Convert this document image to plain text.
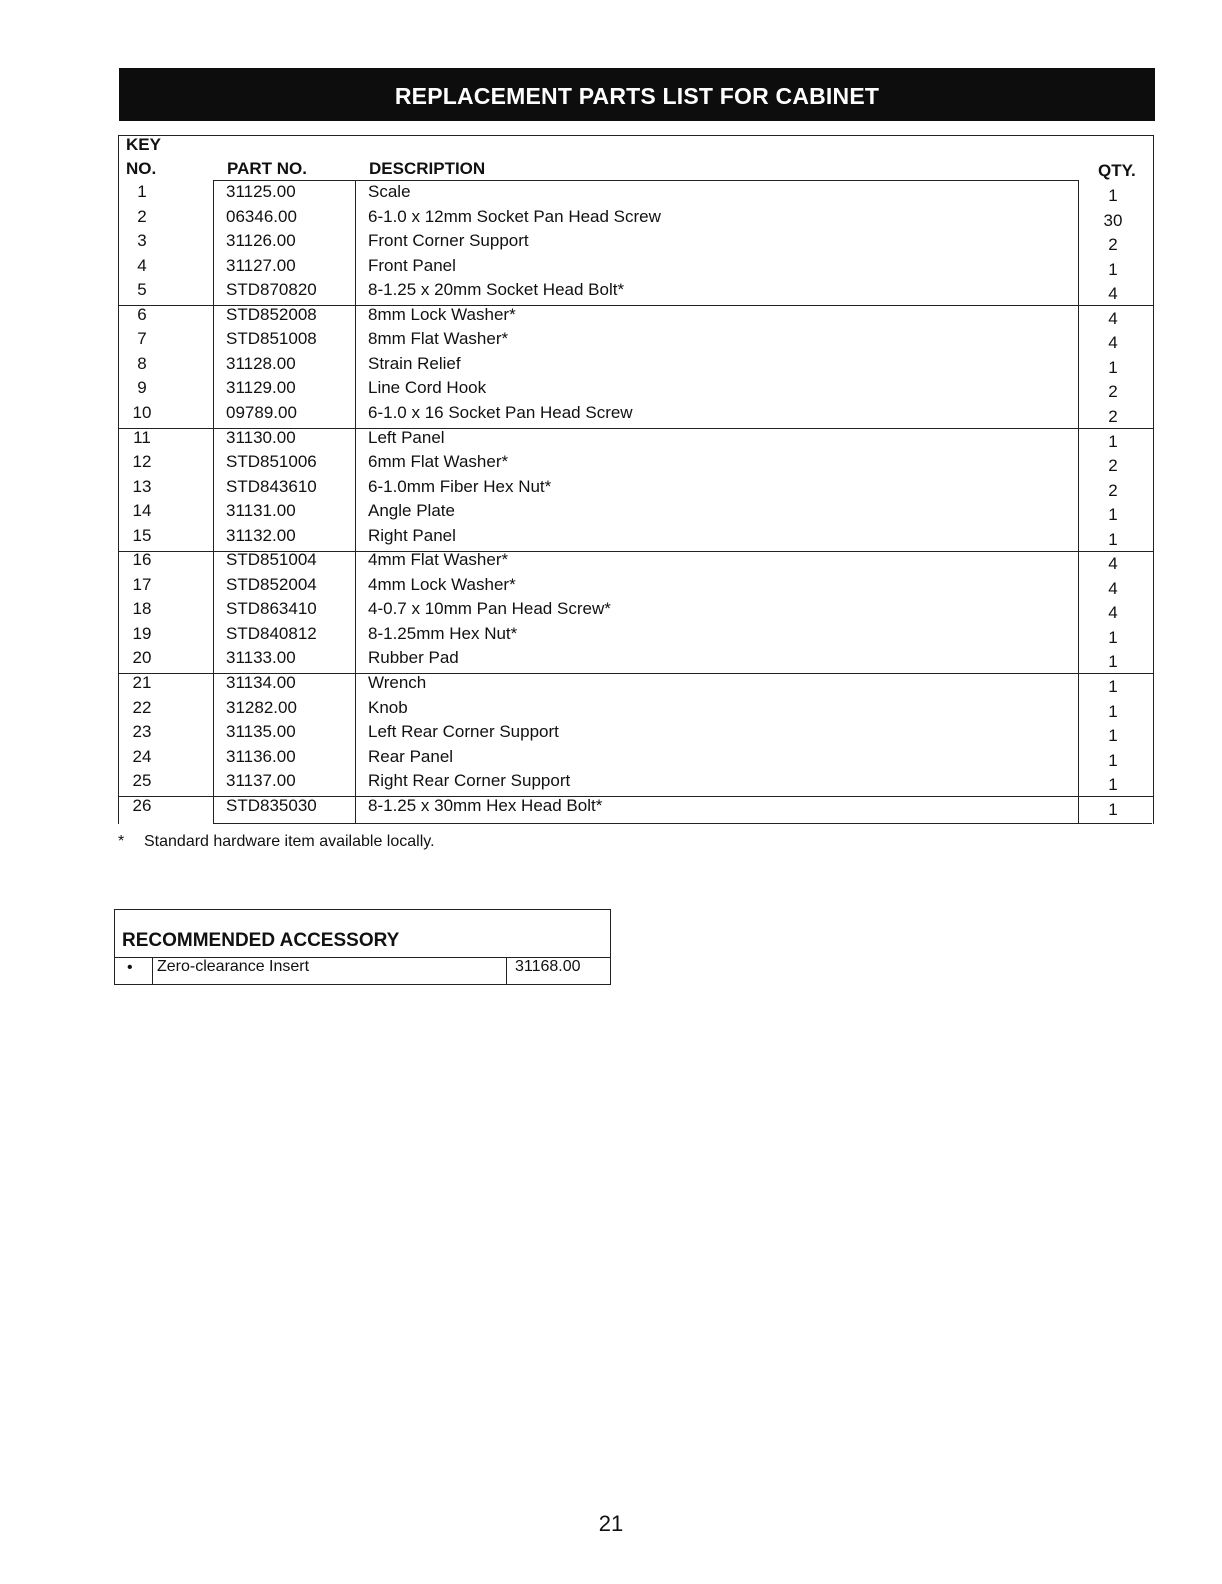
REPLACEMENT PARTS LIST FOR CABINET
KEY
NO.	PART NO.	DESCRIPTION	QTY.
1	31125.00	Scale	1
2	06346.00	6-1.0 x 12mm Socket Pan Head Screw	30
3	31126.00	Front Corner Support	2
4	31127.00	Front Panel	1
5	STD870820	8-1.25 x 20mm Socket Head Bolt*	4
6	STD852008	8mm Lock Washer*	4
7	STD851008	8mm Flat Washer*	4
8	31128.00	Strain Relief	1
9	31129.00	Line Cord Hook	2
10	09789.00	6-1.0 x 16 Socket Pan Head Screw	2
11	31130.00	Left Panel	1
12	STD851006	6mm Flat Washer*	2
13	STD843610	6-1.0mm Fiber Hex Nut*	2
14	31131.00	Angle Plate	1
15	31132.00	Right Panel	1
16	STD851004	4mm Flat Washer*	4
17	STD852004	4mm Lock Washer*	4
18	STD863410	4-0.7 x 10mm Pan Head Screw*	4
19	STD840812	8-1.25mm Hex Nut*	1
20	31133.00	Rubber Pad	1
21	31134.00	Wrench	1
22	31282.00	Knob	1
23	31135.00	Left Rear Corner Support	1
24	31136.00	Rear Panel	1
25	31137.00	Right Rear Corner Support	1
26	STD835030	8-1.25 x 30mm Hex Head Bolt*	1
* Standard hardware item available locally.
RECOMMENDED ACCESSORY
• Zero-clearance Insert	31168.00
21
